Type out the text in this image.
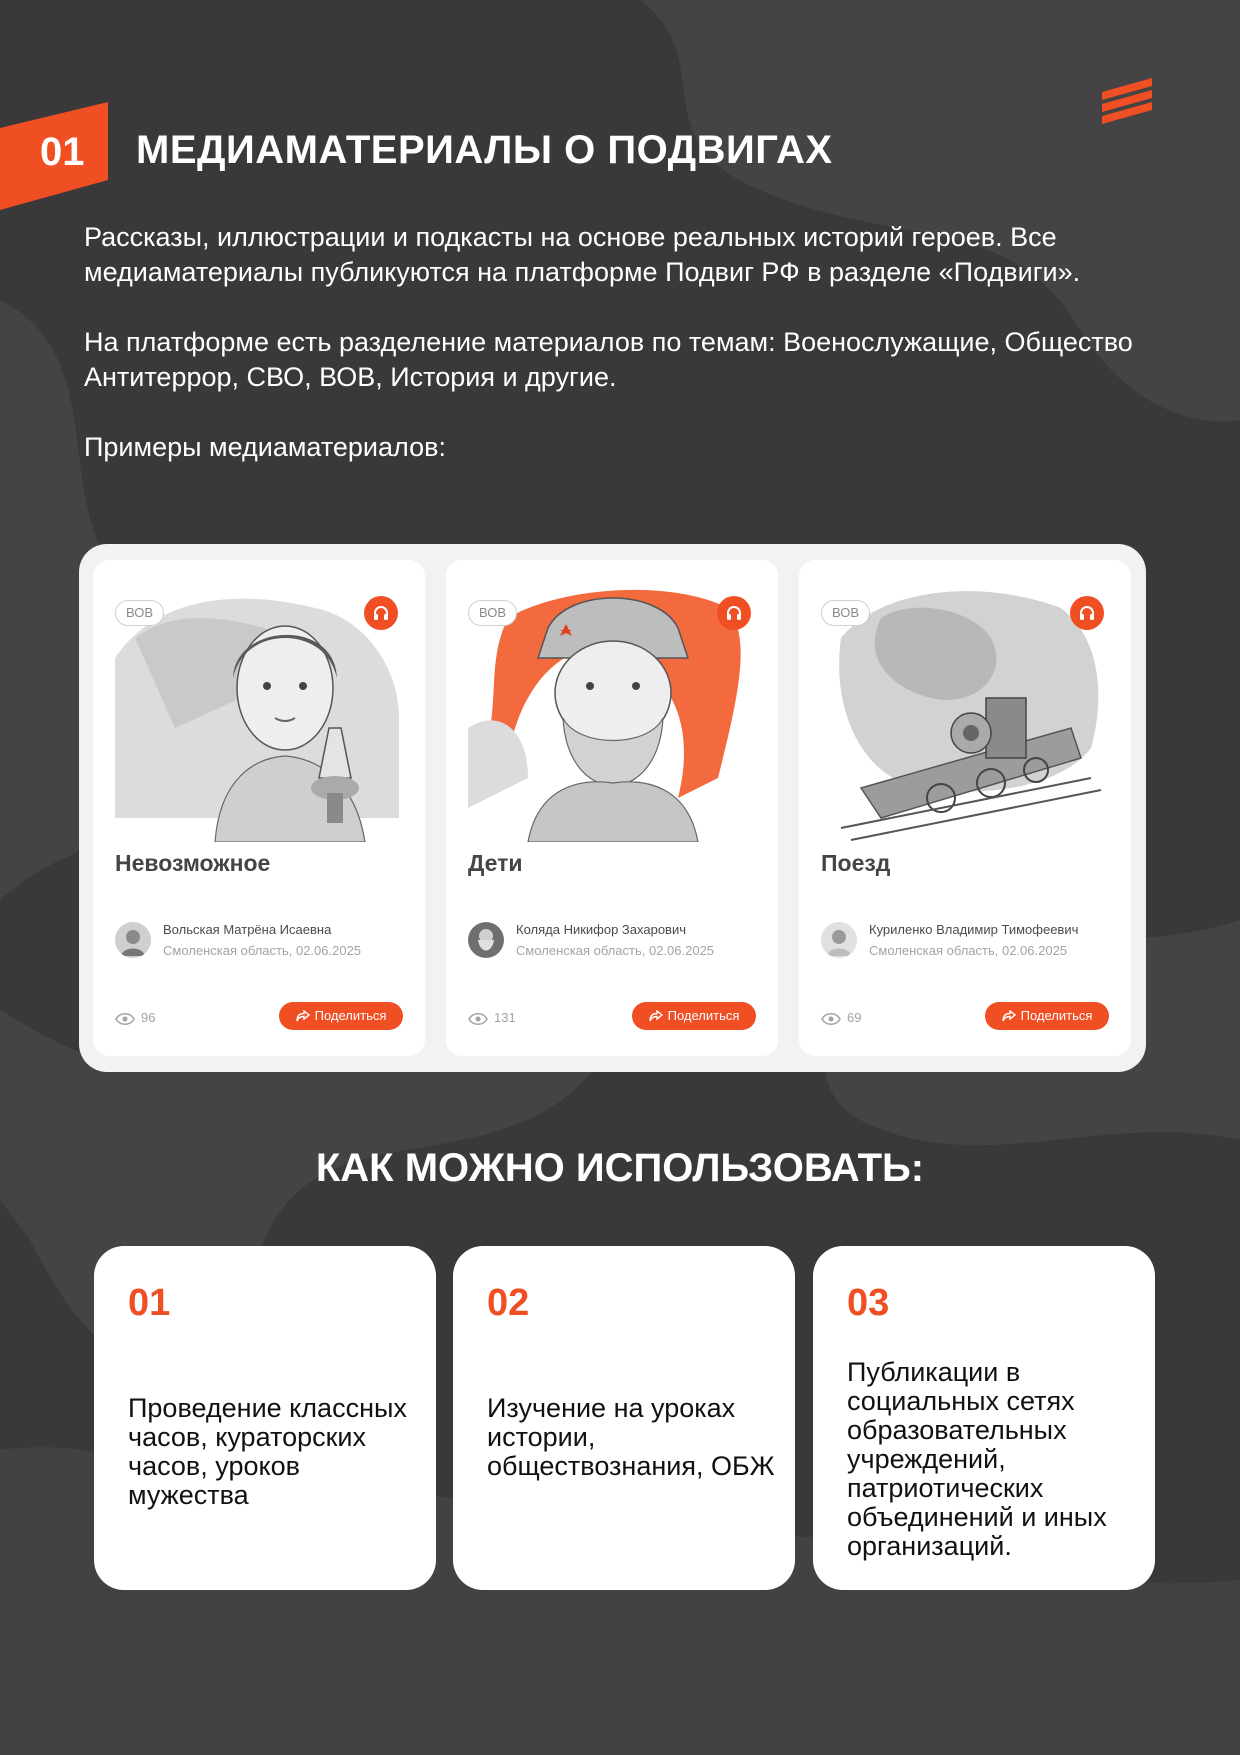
01 МЕДИАМАТЕРИАЛЫ О ПОДВИГАХ

Рассказы, иллюстрации и подкасты на основе реальных историй героев. Все медиаматериалы публикуются на платформе Подвиг РФ в разделе «Подвиги».

На платформе есть разделение материалов по темам: Военослужащие, Общество Антитеррор, СВО, ВОВ, История и другие.

Примеры медиаматериалов:

ВОВ
Невозможное
Вольская Матрёна Исаевна
Смоленская область, 02.06.2025
96	Поделиться
ВОВ
Дети
Коляда Никифор Захарович
Смоленская область, 02.06.2025
131	Поделиться
ВОВ
Поезд
Куриленко Владимир Тимофеевич
Смоленская область, 02.06.2025
69	Поделиться
КАК МОЖНО ИСПОЛЬЗОВАТЬ:
01
Проведение классных часов, кураторских часов, уроков мужества
02
Изучение на уроках истории, обществознания, ОБЖ
03
Публикации в социальных сетях образовательных учреждений, патриотических объединений и иных организаций.
